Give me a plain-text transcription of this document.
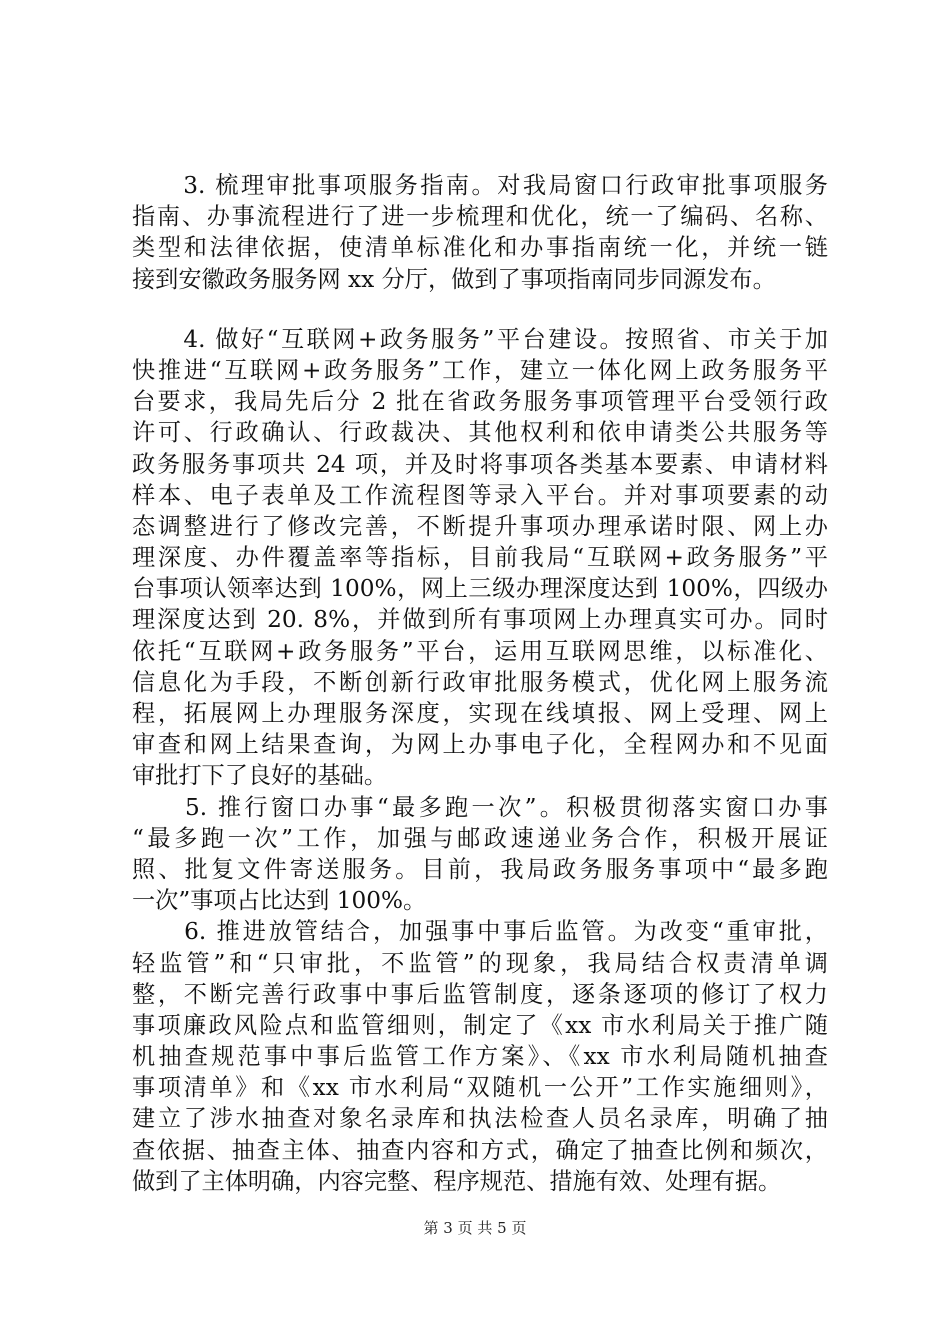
　　3. 梳理审批事项服务指南。对我局窗口行政审批事项服务
指南、办事流程进行了进一步梳理和优化，统一了编码、名称、
类型和法律依据，使清单标准化和办事指南统一化，并统一链
接到安徽政务服务网 xx 分厅，做到了事项指南同步同源发布。

　　4. 做好“互联网+政务服务”平台建设。按照省、市关于加
快推进“互联网+政务服务”工作，建立一体化网上政务服务平
台要求，我局先后分 2 批在省政务服务事项管理平台受领行政
许可、行政确认、行政裁决、其他权利和依申请类公共服务等
政务服务事项共 24 项，并及时将事项各类基本要素、申请材料
样本、电子表单及工作流程图等录入平台。并对事项要素的动
态调整进行了修改完善，不断提升事项办理承诺时限、网上办
理深度、办件覆盖率等指标，目前我局“互联网+政务服务”平
台事项认领率达到 100%，网上三级办理深度达到 100%，四级办
理深度达到 20. 8%，并做到所有事项网上办理真实可办。同时
依托“互联网+政务服务”平台，运用互联网思维，以标准化、
信息化为手段，不断创新行政审批服务模式，优化网上服务流
程，拓展网上办理服务深度，实现在线填报、网上受理、网上
审查和网上结果查询，为网上办事电子化，全程网办和不见面
审批打下了良好的基础。

　　5. 推行窗口办事“最多跑一次”。积极贯彻落实窗口办事
“最多跑一次”工作，加强与邮政速递业务合作，积极开展证
照、批复文件寄送服务。目前，我局政务服务事项中“最多跑
一次”事项占比达到 100%。

　　6. 推进放管结合，加强事中事后监管。为改变“重审批，
轻监管”和“只审批，不监管”的现象，我局结合权责清单调
整，不断完善行政事中事后监管制度，逐条逐项的修订了权力
事项廉政风险点和监管细则，制定了《xx 市水利局关于推广随
机抽查规范事中事后监管工作方案》、《xx 市水利局随机抽查
事项清单》和《xx 市水利局“双随机一公开”工作实施细则》，
建立了涉水抽查对象名录库和执法检查人员名录库，明确了抽
查依据、抽查主体、抽查内容和方式，确定了抽查比例和频次，
做到了主体明确，内容完整、程序规范、措施有效、处理有据。

第 3 页 共 5 页
